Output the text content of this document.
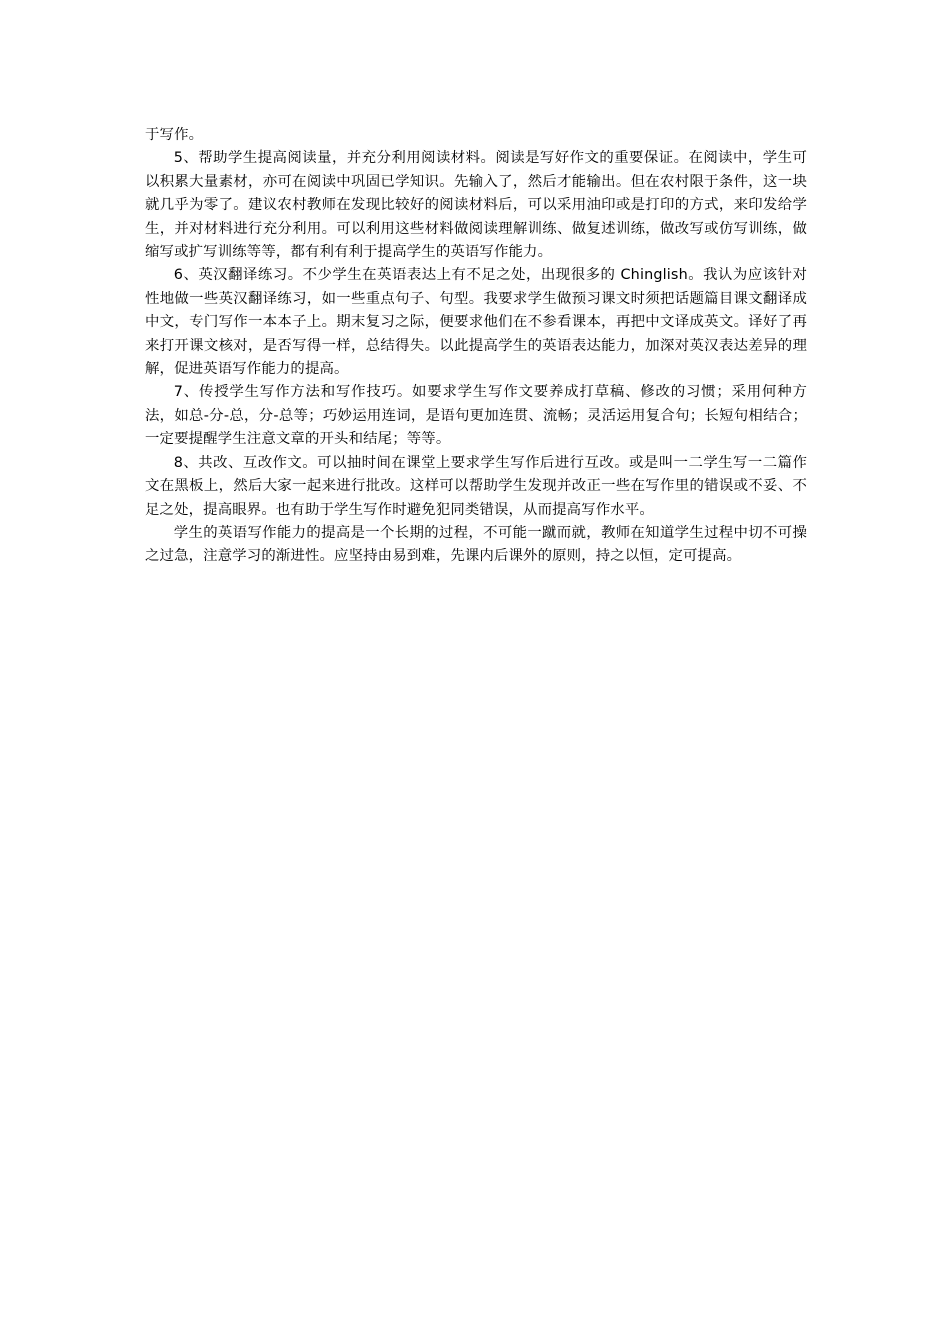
于写作。

5、帮助学生提高阅读量，并充分利用阅读材料。阅读是写好作文的重要保证。在阅读中，学生可以积累大量素材，亦可在阅读中巩固已学知识。先输入了，然后才能输出。但在农村限于条件，这一块就几乎为零了。建议农村教师在发现比较好的阅读材料后，可以采用油印或是打印的方式，来印发给学生，并对材料进行充分利用。可以利用这些材料做阅读理解训练、做复述训练，做改写或仿写训练，做缩写或扩写训练等等，都有利有利于提高学生的英语写作能力。

6、英汉翻译练习。不少学生在英语表达上有不足之处，出现很多的 Chinglish。我认为应该针对性地做一些英汉翻译练习，如一些重点句子、句型。我要求学生做预习课文时须把话题篇目课文翻译成中文，专门写作一本本子上。期末复习之际，便要求他们在不参看课本，再把中文译成英文。译好了再来打开课文核对，是否写得一样，总结得失。以此提高学生的英语表达能力，加深对英汉表达差异的理解，促进英语写作能力的提高。

7、传授学生写作方法和写作技巧。如要求学生写作文要养成打草稿、修改的习惯；采用何种方法，如总-分-总，分-总等；巧妙运用连词，是语句更加连贯、流畅；灵活运用复合句；长短句相结合；一定要提醒学生注意文章的开头和结尾；等等。

8、共改、互改作文。可以抽时间在课堂上要求学生写作后进行互改。或是叫一二学生写一二篇作文在黑板上，然后大家一起来进行批改。这样可以帮助学生发现并改正一些在写作里的错误或不妥、不足之处，提高眼界。也有助于学生写作时避免犯同类错误，从而提高写作水平。

学生的英语写作能力的提高是一个长期的过程，不可能一蹴而就，教师在知道学生过程中切不可操之过急，注意学习的渐进性。应坚持由易到难，先课内后课外的原则，持之以恒，定可提高。
